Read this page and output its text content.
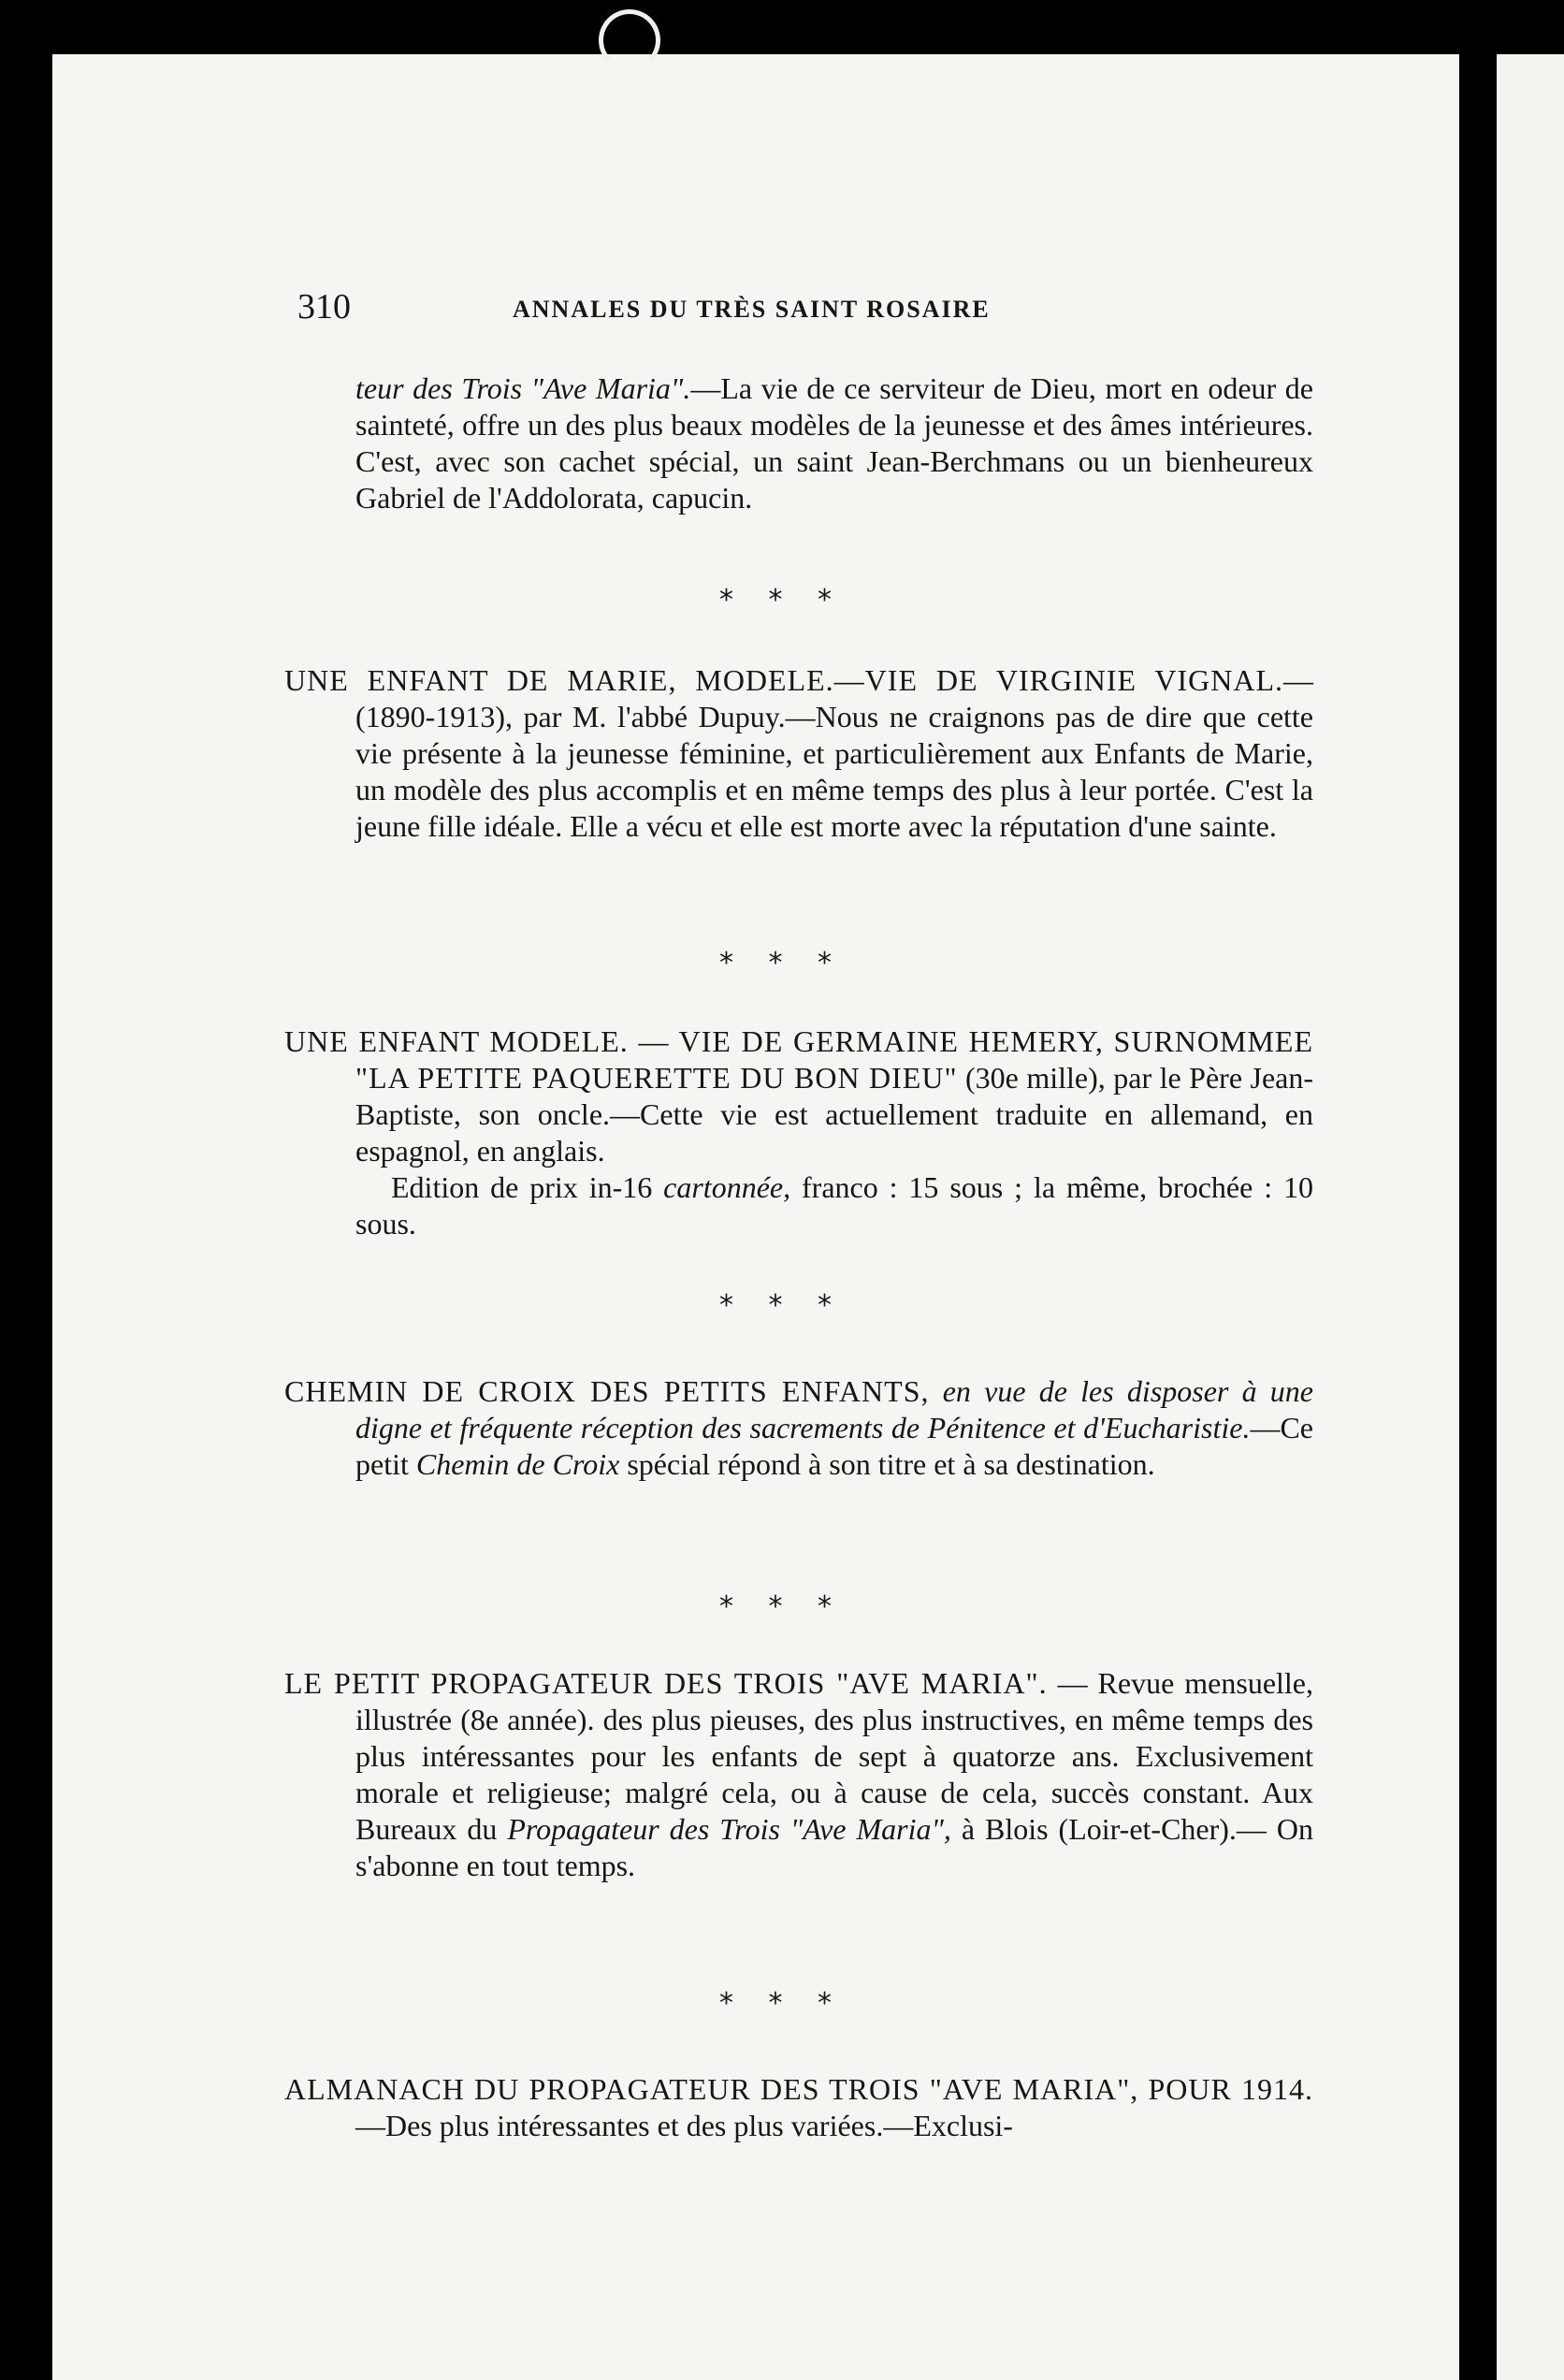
310	ANNALES DU TRÈS SAINT ROSAIRE

teur des Trois "Ave Maria".—La vie de ce serviteur de Dieu, mort en odeur de sainteté, offre un des plus beaux modèles de la jeunesse et des âmes intérieures. C'est, avec son cachet spécial, un saint Jean-Berchmans ou un bienheureux Gabriel de l'Addolorata, capucin.

* * *

UNE ENFANT DE MARIE, MODELE.—VIE DE VIRGINIE VIGNAL.—(1890-1913), par M. l'abbé Dupuy.—Nous ne craignons pas de dire que cette vie présente à la jeunesse féminine, et particulièrement aux Enfants de Marie, un modèle des plus accomplis et en même temps des plus à leur portée. C'est la jeune fille idéale. Elle a vécu et elle est morte avec la réputation d'une sainte.

* * *

UNE ENFANT MODELE. — VIE DE GERMAINE HEMERY, SURNOMMEE "LA PETITE PAQUERETTE DU BON DIEU" (30e mille), par le Père Jean-Baptiste, son oncle.—Cette vie est actuellement traduite en allemand, en espagnol, en anglais.

Edition de prix in-16 cartonnée, franco : 15 sous ; la même, brochée : 10 sous.

* * *

CHEMIN DE CROIX DES PETITS ENFANTS, en vue de les disposer à une digne et fréquente réception des sacrements de Pénitence et d'Eucharistie.—Ce petit Chemin de Croix spécial répond à son titre et à sa destination.

* * *

LE PETIT PROPAGATEUR DES TROIS "AVE MARIA". — Revue mensuelle, illustrée (8e année). des plus pieuses, des plus instructives, en même temps des plus intéressantes pour les enfants de sept à quatorze ans. Exclusivement morale et religieuse; malgré cela, ou à cause de cela, succès constant. Aux Bureaux du Propagateur des Trois "Ave Maria", à Blois (Loir-et-Cher).— On s'abonne en tout temps.

* * *

ALMANACH DU PROPAGATEUR DES TROIS "AVE MARIA", POUR 1914.—Des plus intéressantes et des plus variées.—Exclusi-
